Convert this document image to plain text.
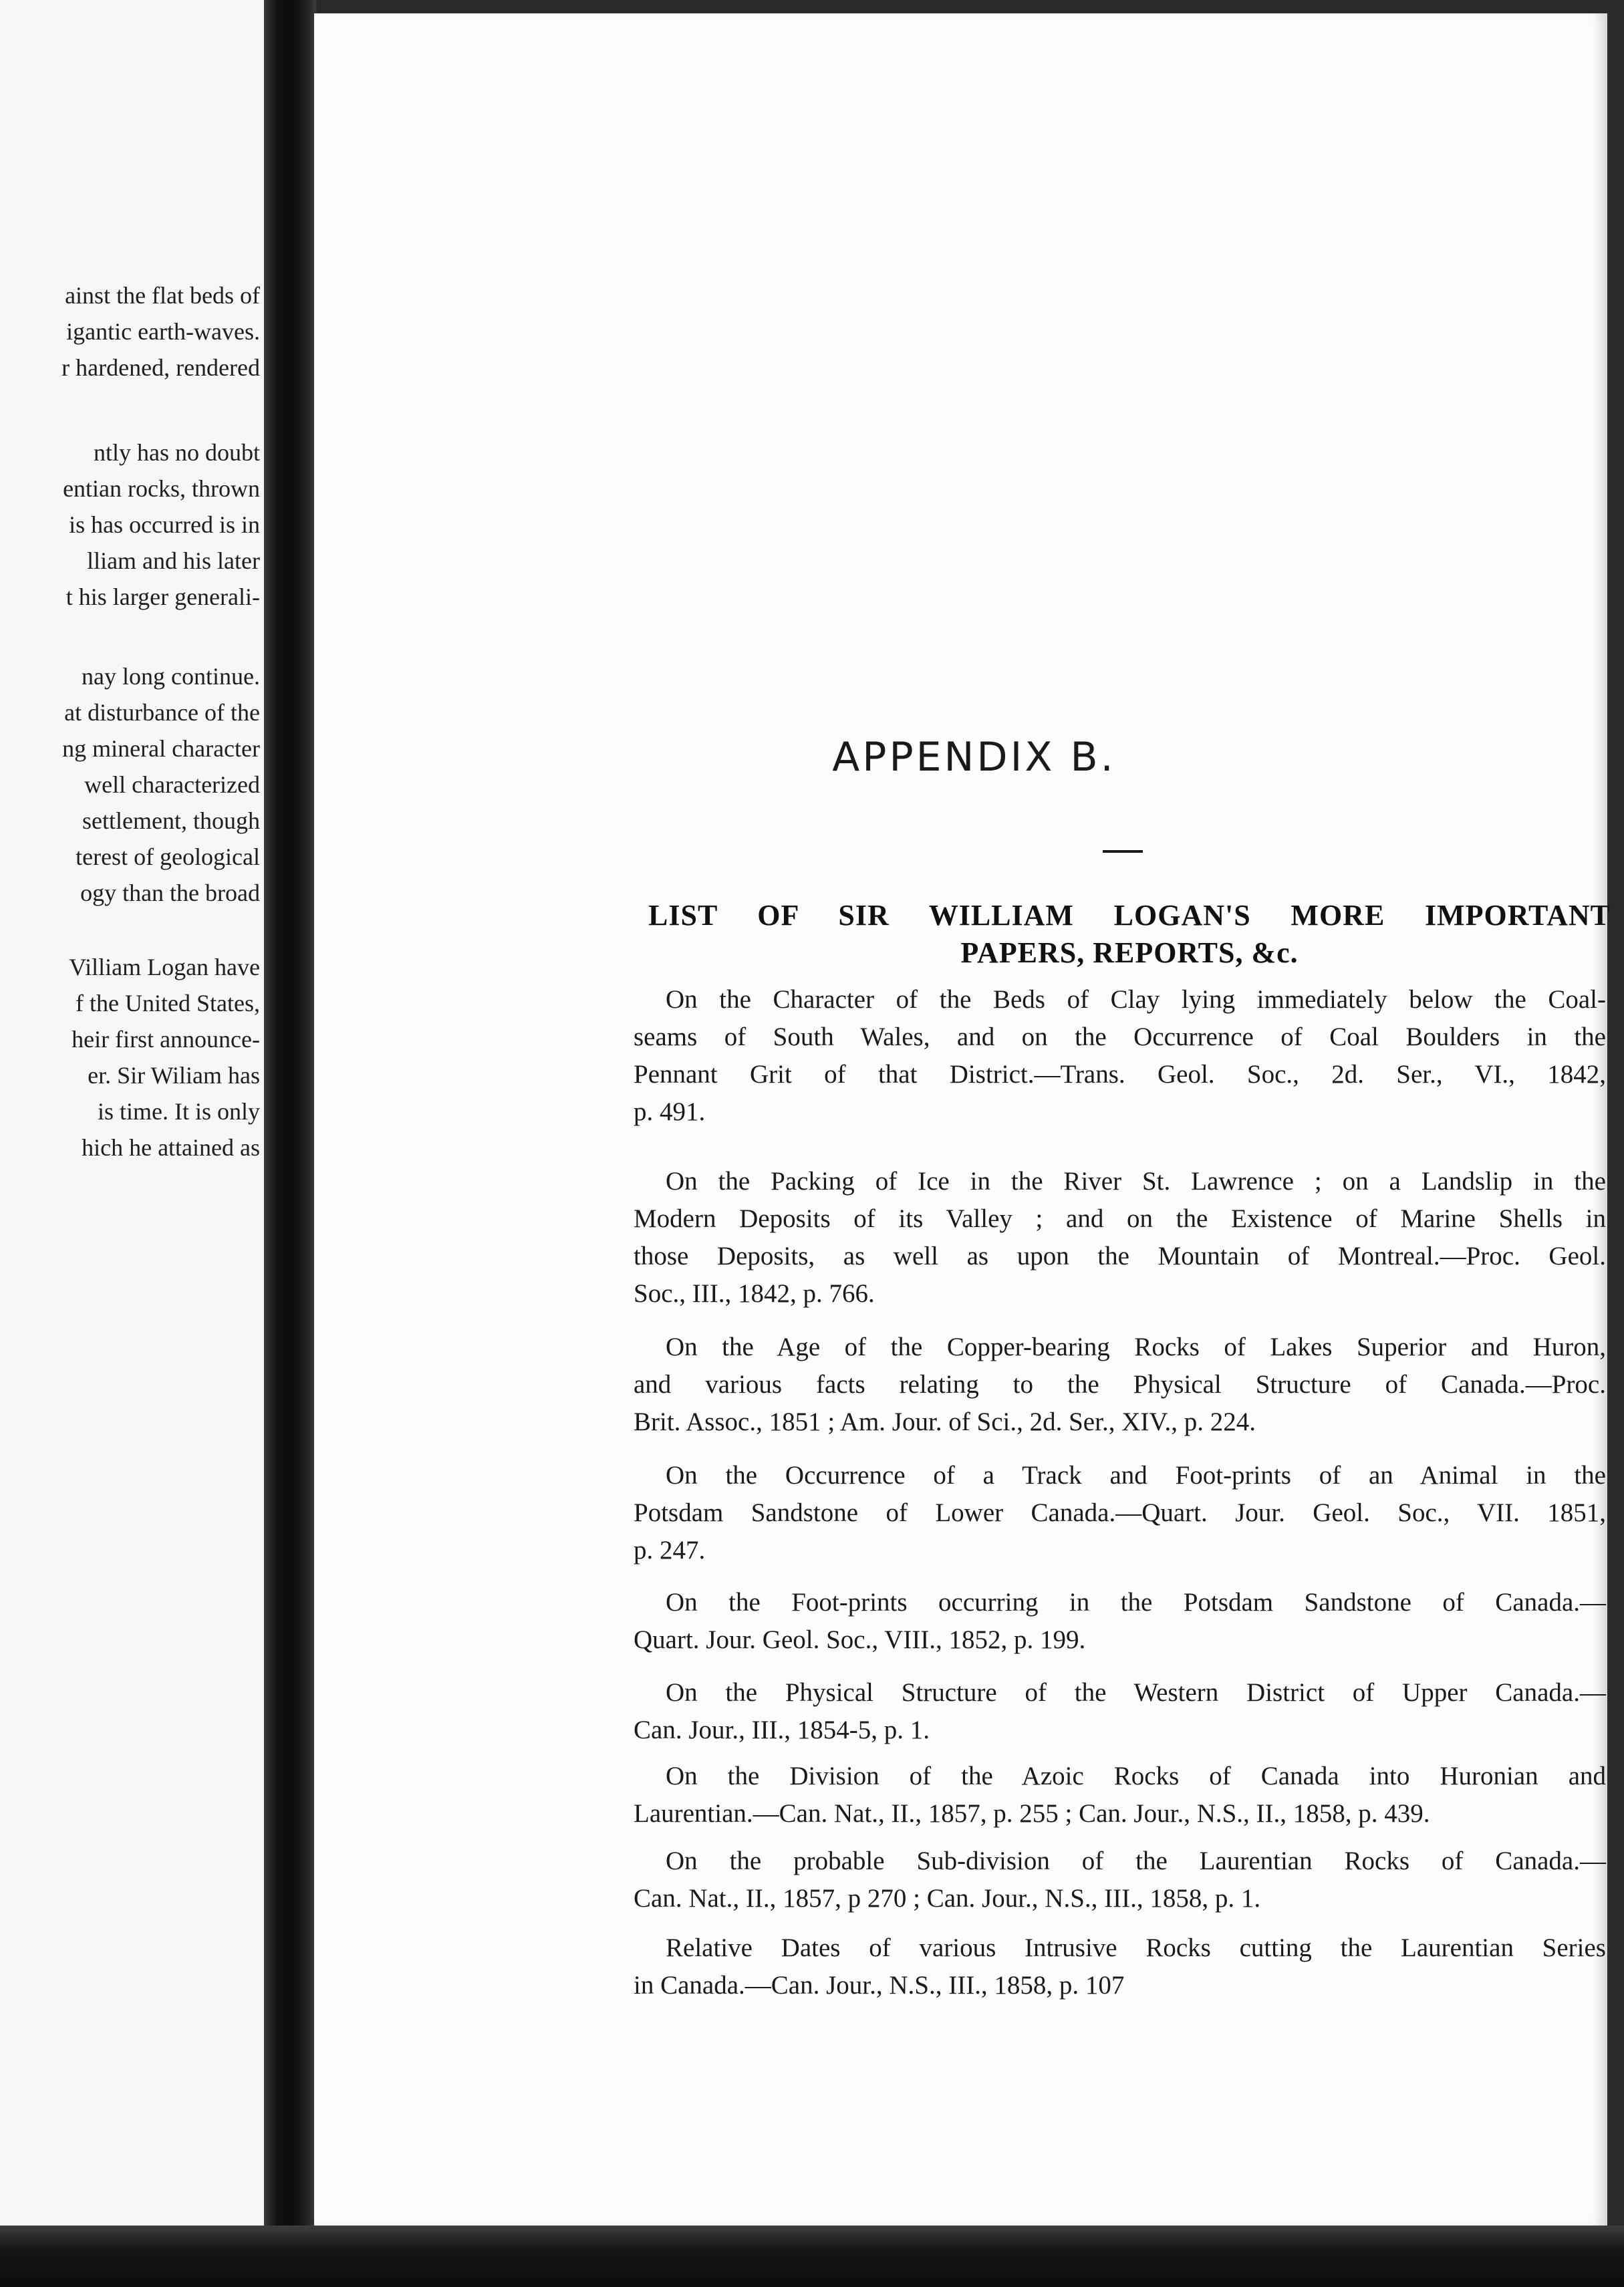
ainst the flat beds of
igantic earth-waves.
r hardened, rendered
ntly has no doubt
entian rocks, thrown
is has occurred is in
lliam and his later
t his larger generali-
nay long continue.
at disturbance of the
ng mineral character
well characterized
settlement, though
terest of geological
ogy than the broad
Villiam Logan have
f the United States,
heir first announce-
er. Sir Wiliam has
is time. It is only
hich he attained as
APPENDIX B.
LIST OF SIR WILLIAM LOGAN'S MORE IMPORTANT
PAPERS, REPORTS, &c.
On the Character of the Beds of Clay lying immediately below the Coal-
seams of South Wales, and on the Occurrence of Coal Boulders in the
Pennant Grit of that District.—Trans. Geol. Soc., 2d. Ser., VI., 1842,
p. 491.
On the Packing of Ice in the River St. Lawrence ; on a Landslip in the
Modern Deposits of its Valley ; and on the Existence of Marine Shells in
those Deposits, as well as upon the Mountain of Montreal.—Proc. Geol.
Soc., III., 1842, p. 766.
On the Age of the Copper-bearing Rocks of Lakes Superior and Huron,
and various facts relating to the Physical Structure of Canada.—Proc.
Brit. Assoc., 1851 ; Am. Jour. of Sci., 2d. Ser., XIV., p. 224.
On the Occurrence of a Track and Foot-prints of an Animal in the
Potsdam Sandstone of Lower Canada.—Quart. Jour. Geol. Soc., VII. 1851,
p. 247.
On the Foot-prints occurring in the Potsdam Sandstone of Canada.—
Quart. Jour. Geol. Soc., VIII., 1852, p. 199.
On the Physical Structure of the Western District of Upper Canada.—
Can. Jour., III., 1854-5, p. 1.
On the Division of the Azoic Rocks of Canada into Huronian and
Laurentian.—Can. Nat., II., 1857, p. 255 ; Can. Jour., N.S., II., 1858, p. 439.
On the probable Sub-division of the Laurentian Rocks of Canada.—
Can. Nat., II., 1857, p 270 ; Can. Jour., N.S., III., 1858, p. 1.
Relative Dates of various Intrusive Rocks cutting the Laurentian Series
in Canada.—Can. Jour., N.S., III., 1858, p. 107
